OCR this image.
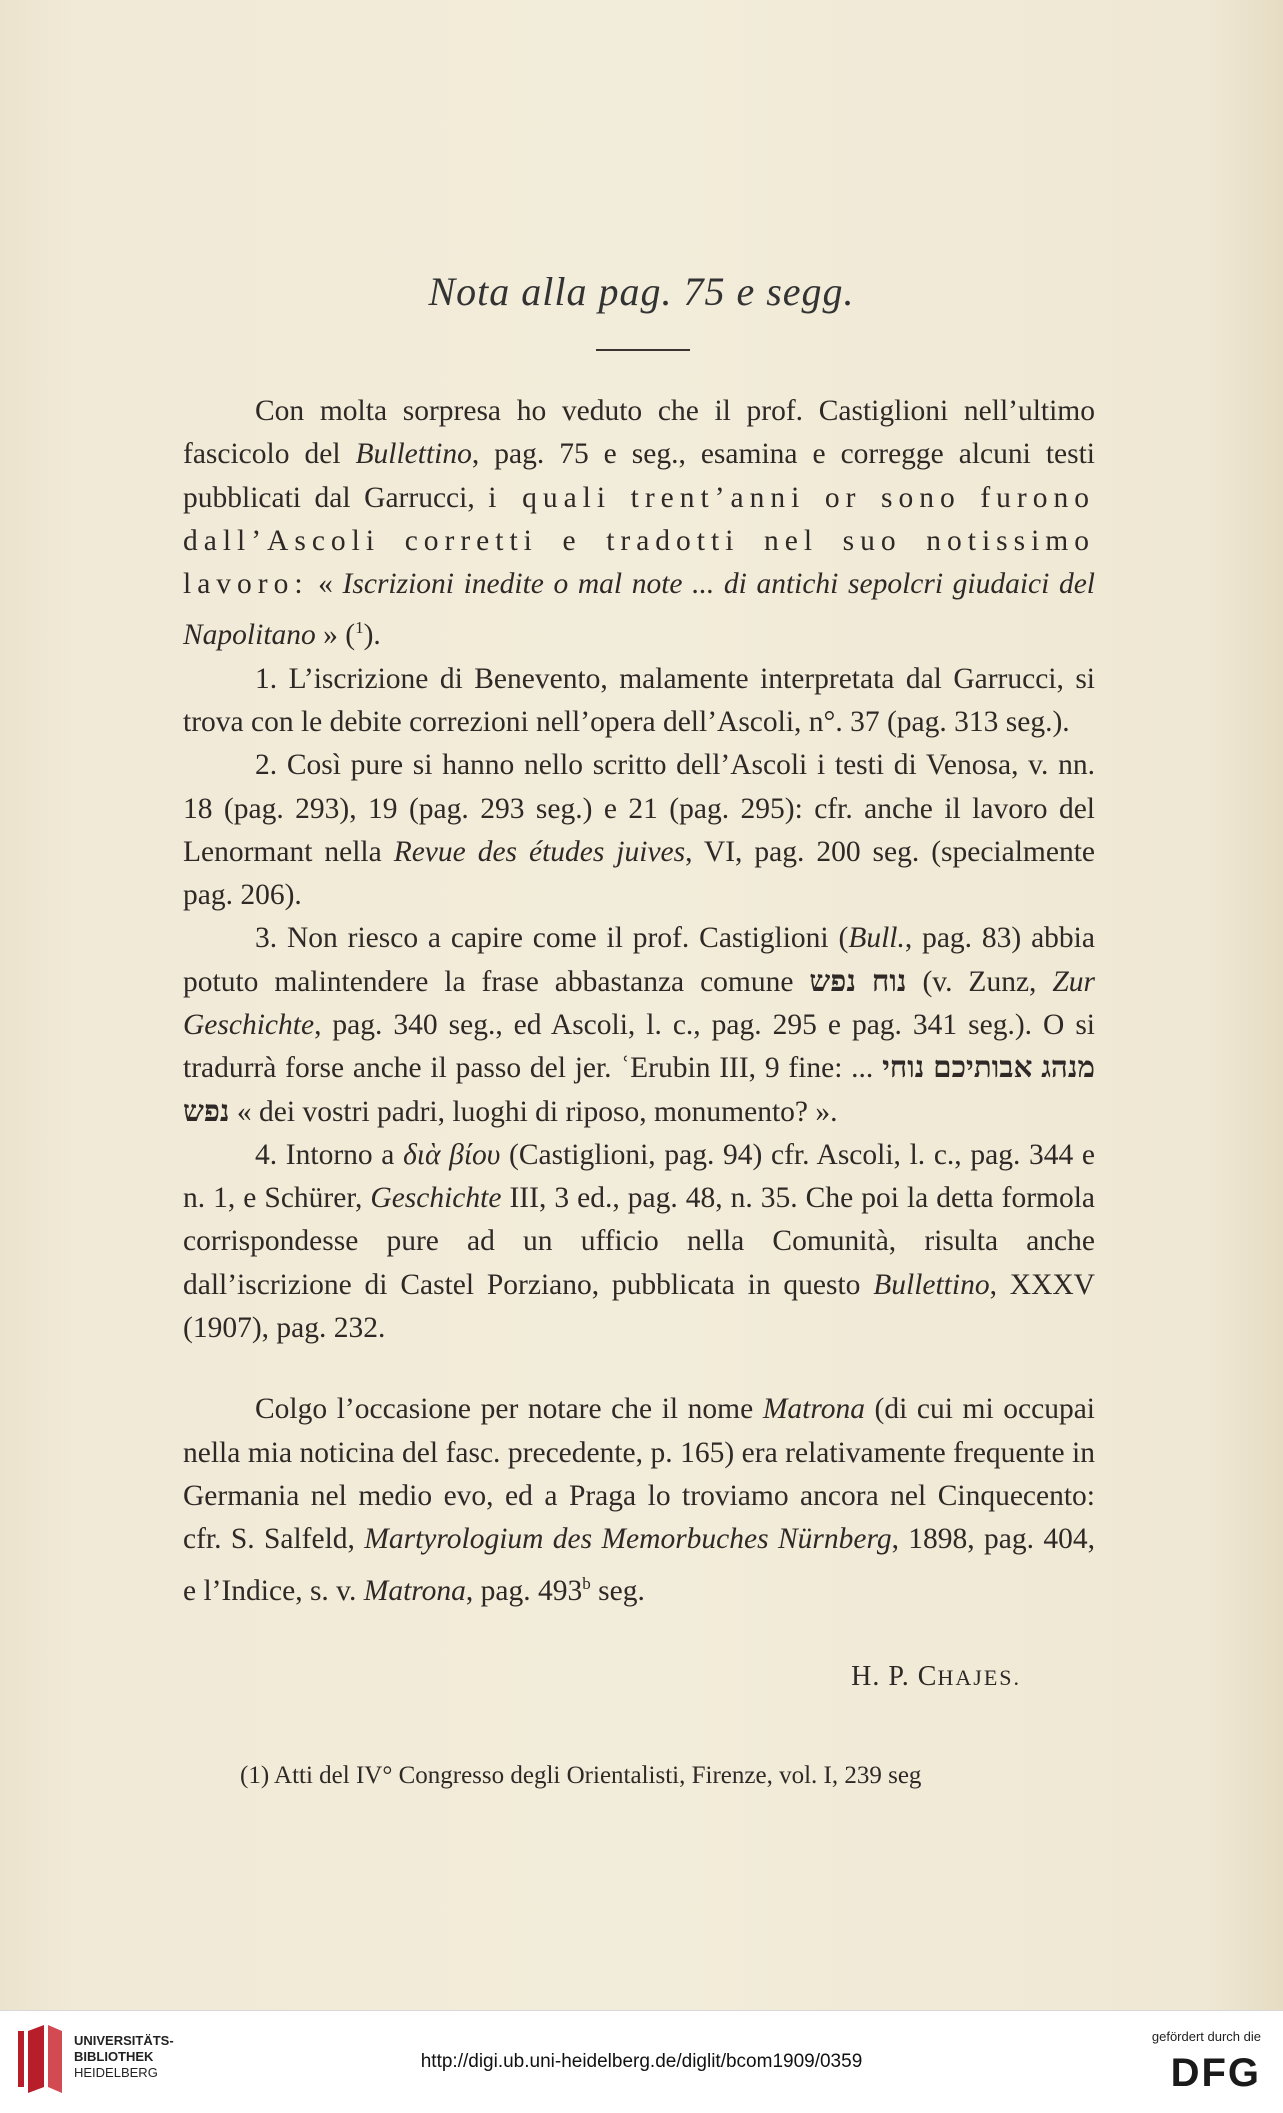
Nota alla pag. 75 e segg.

Con molta sorpresa ho veduto che il prof. Castiglioni nell’ultimo fascicolo del Bullettino, pag. 75 e seg., esamina e corregge alcuni testi pubblicati dal Garrucci, i quali trent’anni or sono furono dall’Ascoli corretti e tradotti nel suo notissimo lavoro: « Iscrizioni inedite o mal note ... di antichi sepolcri giudaici del Napolitano » ($^1$).

1. L’iscrizione di Benevento, malamente interpretata dal Garrucci, si trova con le debite correzioni nell’opera dell’Ascoli, n°. 37 (pag. 313 seg.).

2. Così pure si hanno nello scritto dell’Ascoli i testi di Venosa, v. nn. 18 (pag. 293), 19 (pag. 293 seg.) e 21 (pag. 295): cfr. anche il lavoro del Lenormant nella Revue des études juives, VI, pag. 200 seg. (specialmente pag. 206).

3. Non riesco a capire come il prof. Castiglioni (Bull., pag. 83) abbia potuto malintendere la frase abbastanza comune נוח נפש (v. Zunz, Zur Geschichte, pag. 340 seg., ed Ascoli, l. c., pag. 295 e pag. 341 seg.). O si tradurrà forse anche il passo del jer. ʿErubin III, 9 fine: ... מנהג אבותיכם נוחי נפש « dei vostri padri, luoghi di riposo, monumento? ».

4. Intorno a διὰ βίου (Castiglioni, pag. 94) cfr. Ascoli, l. c., pag. 344 e n. 1, e Schürer, Geschichte III, 3 ed., pag. 48, n. 35. Che poi la detta formola corrispondesse pure ad un ufficio nella Comunità, risulta anche dall’iscrizione di Castel Porziano, pubblicata in questo Bullettino, XXXV (1907), pag. 232.

Colgo l’occasione per notare che il nome Matrona (di cui mi occupai nella mia noticina del fasc. precedente, p. 165) era relativamente frequente in Germania nel medio evo, ed a Praga lo troviamo ancora nel Cinquecento: cfr. S. Salfeld, Martyrologium des Memorbuches Nürnberg, 1898, pag. 404, e l’Indice, s. v. Matrona, pag. 493$^b$ seg.

H. P. CHAJES.
(1) Atti del IV° Congresso degli Orientalisti, Firenze, vol. I, 239 seg
UNIVERSITÄTS-
BIBLIOTHEK
HEIDELBERG
http://digi.ub.uni-heidelberg.de/diglit/bcom1909/0359
gefördert durch die
DFG
